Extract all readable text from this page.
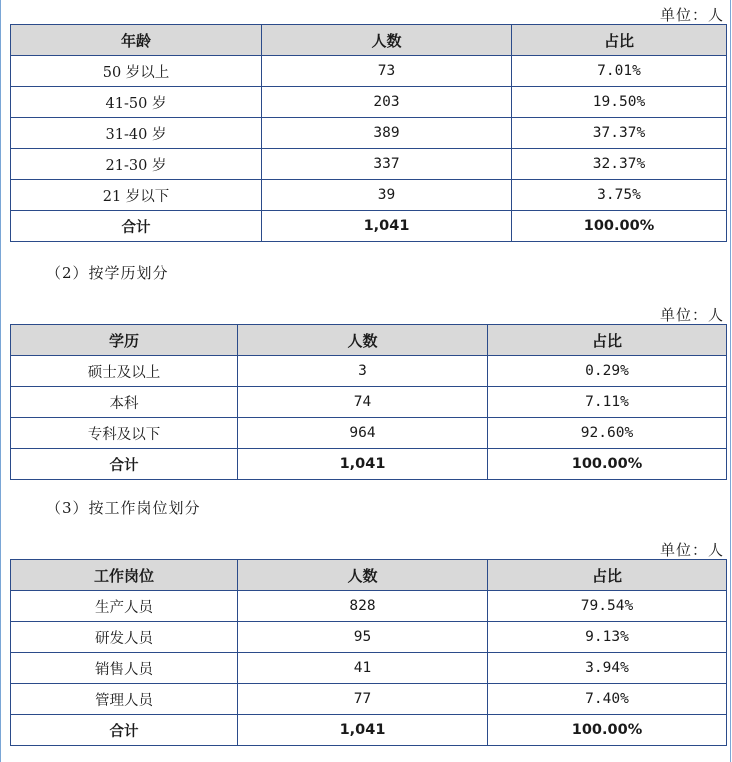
单位：人
年龄	人数	占比
50 岁以上	73	7.01%
41-50 岁	203	19.50%
31-40 岁	389	37.37%
21-30 岁	337	32.37%
21 岁以下	39	3.75%
合计	1,041	100.00%
（2）按学历划分
单位：人
学历	人数	占比
硕士及以上	3	0.29%
本科	74	7.11%
专科及以下	964	92.60%
合计	1,041	100.00%
（3）按工作岗位划分
单位：人
工作岗位	人数	占比
生产人员	828	79.54%
研发人员	95	9.13%
销售人员	41	3.94%
管理人员	77	7.40%
合计	1,041	100.00%
